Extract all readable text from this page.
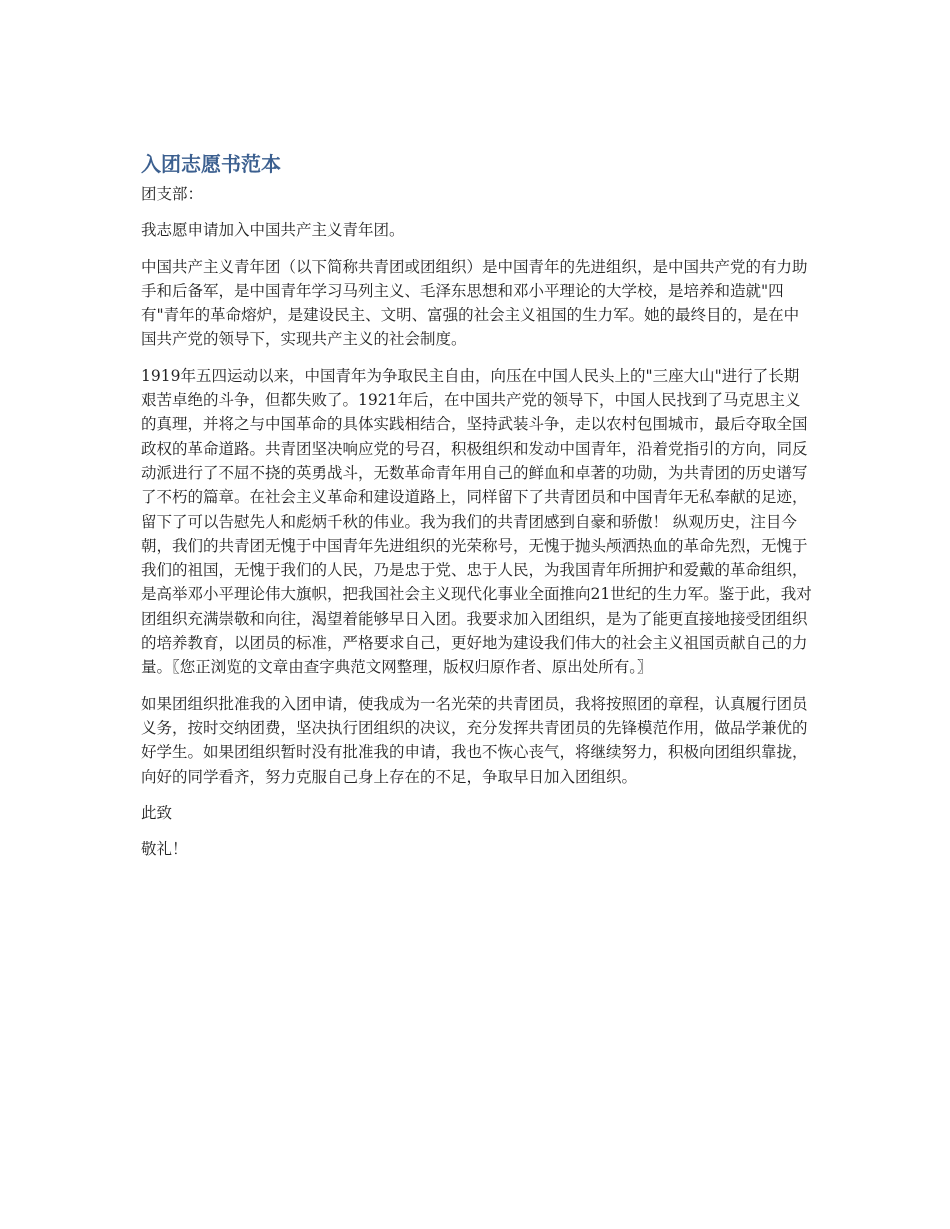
入团志愿书范本

团支部：

我志愿申请加入中国共产主义青年团。

中国共产主义青年团（以下简称共青团或团组织）是中国青年的先进组织，是中国共产党的有力助手和后备军，是中国青年学习马列主义、毛泽东思想和邓小平理论的大学校，是培养和造就"四有"青年的革命熔炉，是建设民主、文明、富强的社会主义祖国的生力军。她的最终目的，是在中国共产党的领导下，实现共产主义的社会制度。

1919年五四运动以来，中国青年为争取民主自由，向压在中国人民头上的"三座大山"进行了长期艰苦卓绝的斗争，但都失败了。1921年后，在中国共产党的领导下，中国人民找到了马克思主义的真理，并将之与中国革命的具体实践相结合，坚持武装斗争，走以农村包围城市，最后夺取全国政权的革命道路。共青团坚决响应党的号召，积极组织和发动中国青年，沿着党指引的方向，同反动派进行了不屈不挠的英勇战斗，无数革命青年用自己的鲜血和卓著的功勋，为共青团的历史谱写了不朽的篇章。在社会主义革命和建设道路上，同样留下了共青团员和中国青年无私奉献的足迹，留下了可以告慰先人和彪炳千秋的伟业。我为我们的共青团感到自豪和骄傲！ 纵观历史，注目今朝，我们的共青团无愧于中国青年先进组织的光荣称号，无愧于抛头颅洒热血的革命先烈，无愧于我们的祖国，无愧于我们的人民，乃是忠于党、忠于人民，为我国青年所拥护和爱戴的革命组织，是高举邓小平理论伟大旗帜，把我国社会主义现代化事业全面推向21世纪的生力军。鉴于此，我对团组织充满崇敬和向往，渴望着能够早日入团。我要求加入团组织，是为了能更直接地接受团组织的培养教育，以团员的标准，严格要求自己，更好地为建设我们伟大的社会主义祖国贡献自己的力量。〖您正浏览的文章由查字典范文网整理，版权归原作者、原出处所有。〗

如果团组织批准我的入团申请，使我成为一名光荣的共青团员，我将按照团的章程，认真履行团员义务，按时交纳团费，坚决执行团组织的决议，充分发挥共青团员的先锋模范作用，做品学兼优的好学生。如果团组织暂时没有批准我的申请，我也不恢心丧气，将继续努力，积极向团组织靠拢，向好的同学看齐，努力克服自己身上存在的不足，争取早日加入团组织。

此致

敬礼！
